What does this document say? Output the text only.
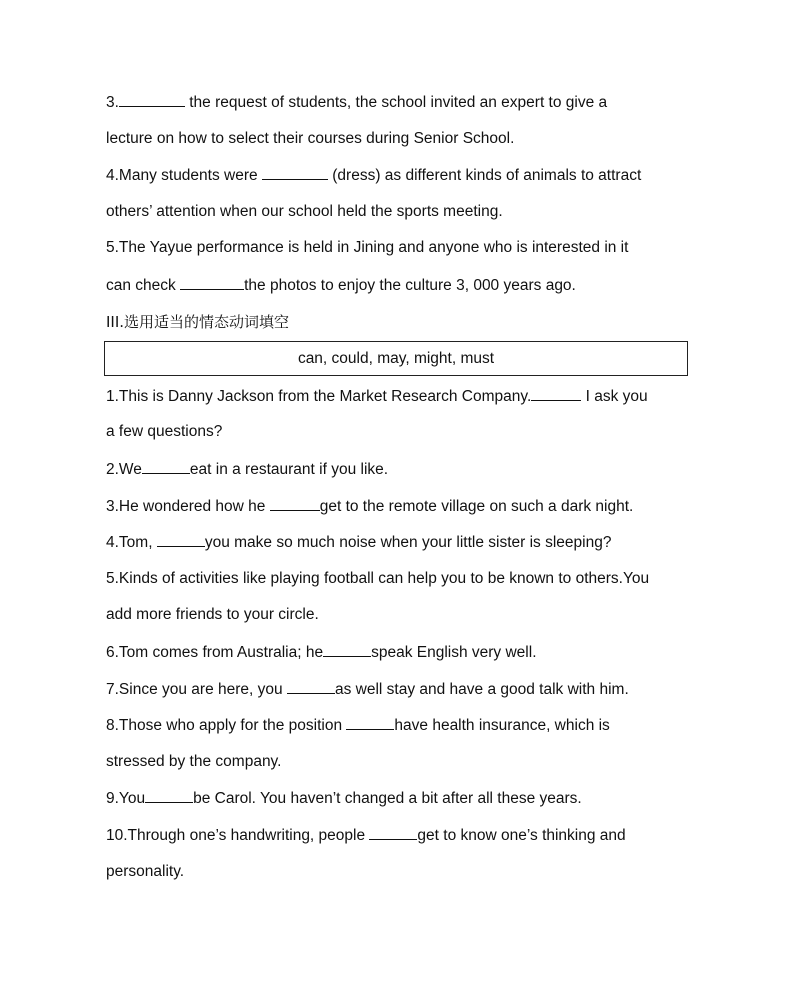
3.	the request of students, the school invited an expert to give a
lecture on how to select their courses during Senior School.
4.Many students were	(dress) as different kinds of animals to attract
others’ attention when our school held the sports meeting.
5.The Yayue performance is held in Jining and anyone who is interested in it
can check	the photos to enjoy the culture 3, 000 years ago.
III.选用适当的情态动词填空
can, could, may, might, must
1.This is Danny Jackson from the Market Research Company.	I ask you
a few questions?
2.We	eat in a restaurant if you like.
3.He wondered how he	get to the remote village on such a dark night.
4.Tom,	you make so much noise when your little sister is sleeping?
5.Kinds of activities like playing football can help you to be known to others.You
add more friends to your circle.
6.Tom comes from Australia; he	speak English very well.
7.Since you are here, you	as well stay and have a good talk with him.
8.Those who apply for the position	have health insurance, which is
stressed by the company.
9.You	be Carol. You haven’t changed a bit after all these years.
10.Through one’s handwriting, people	get to know one’s thinking and
personality.
